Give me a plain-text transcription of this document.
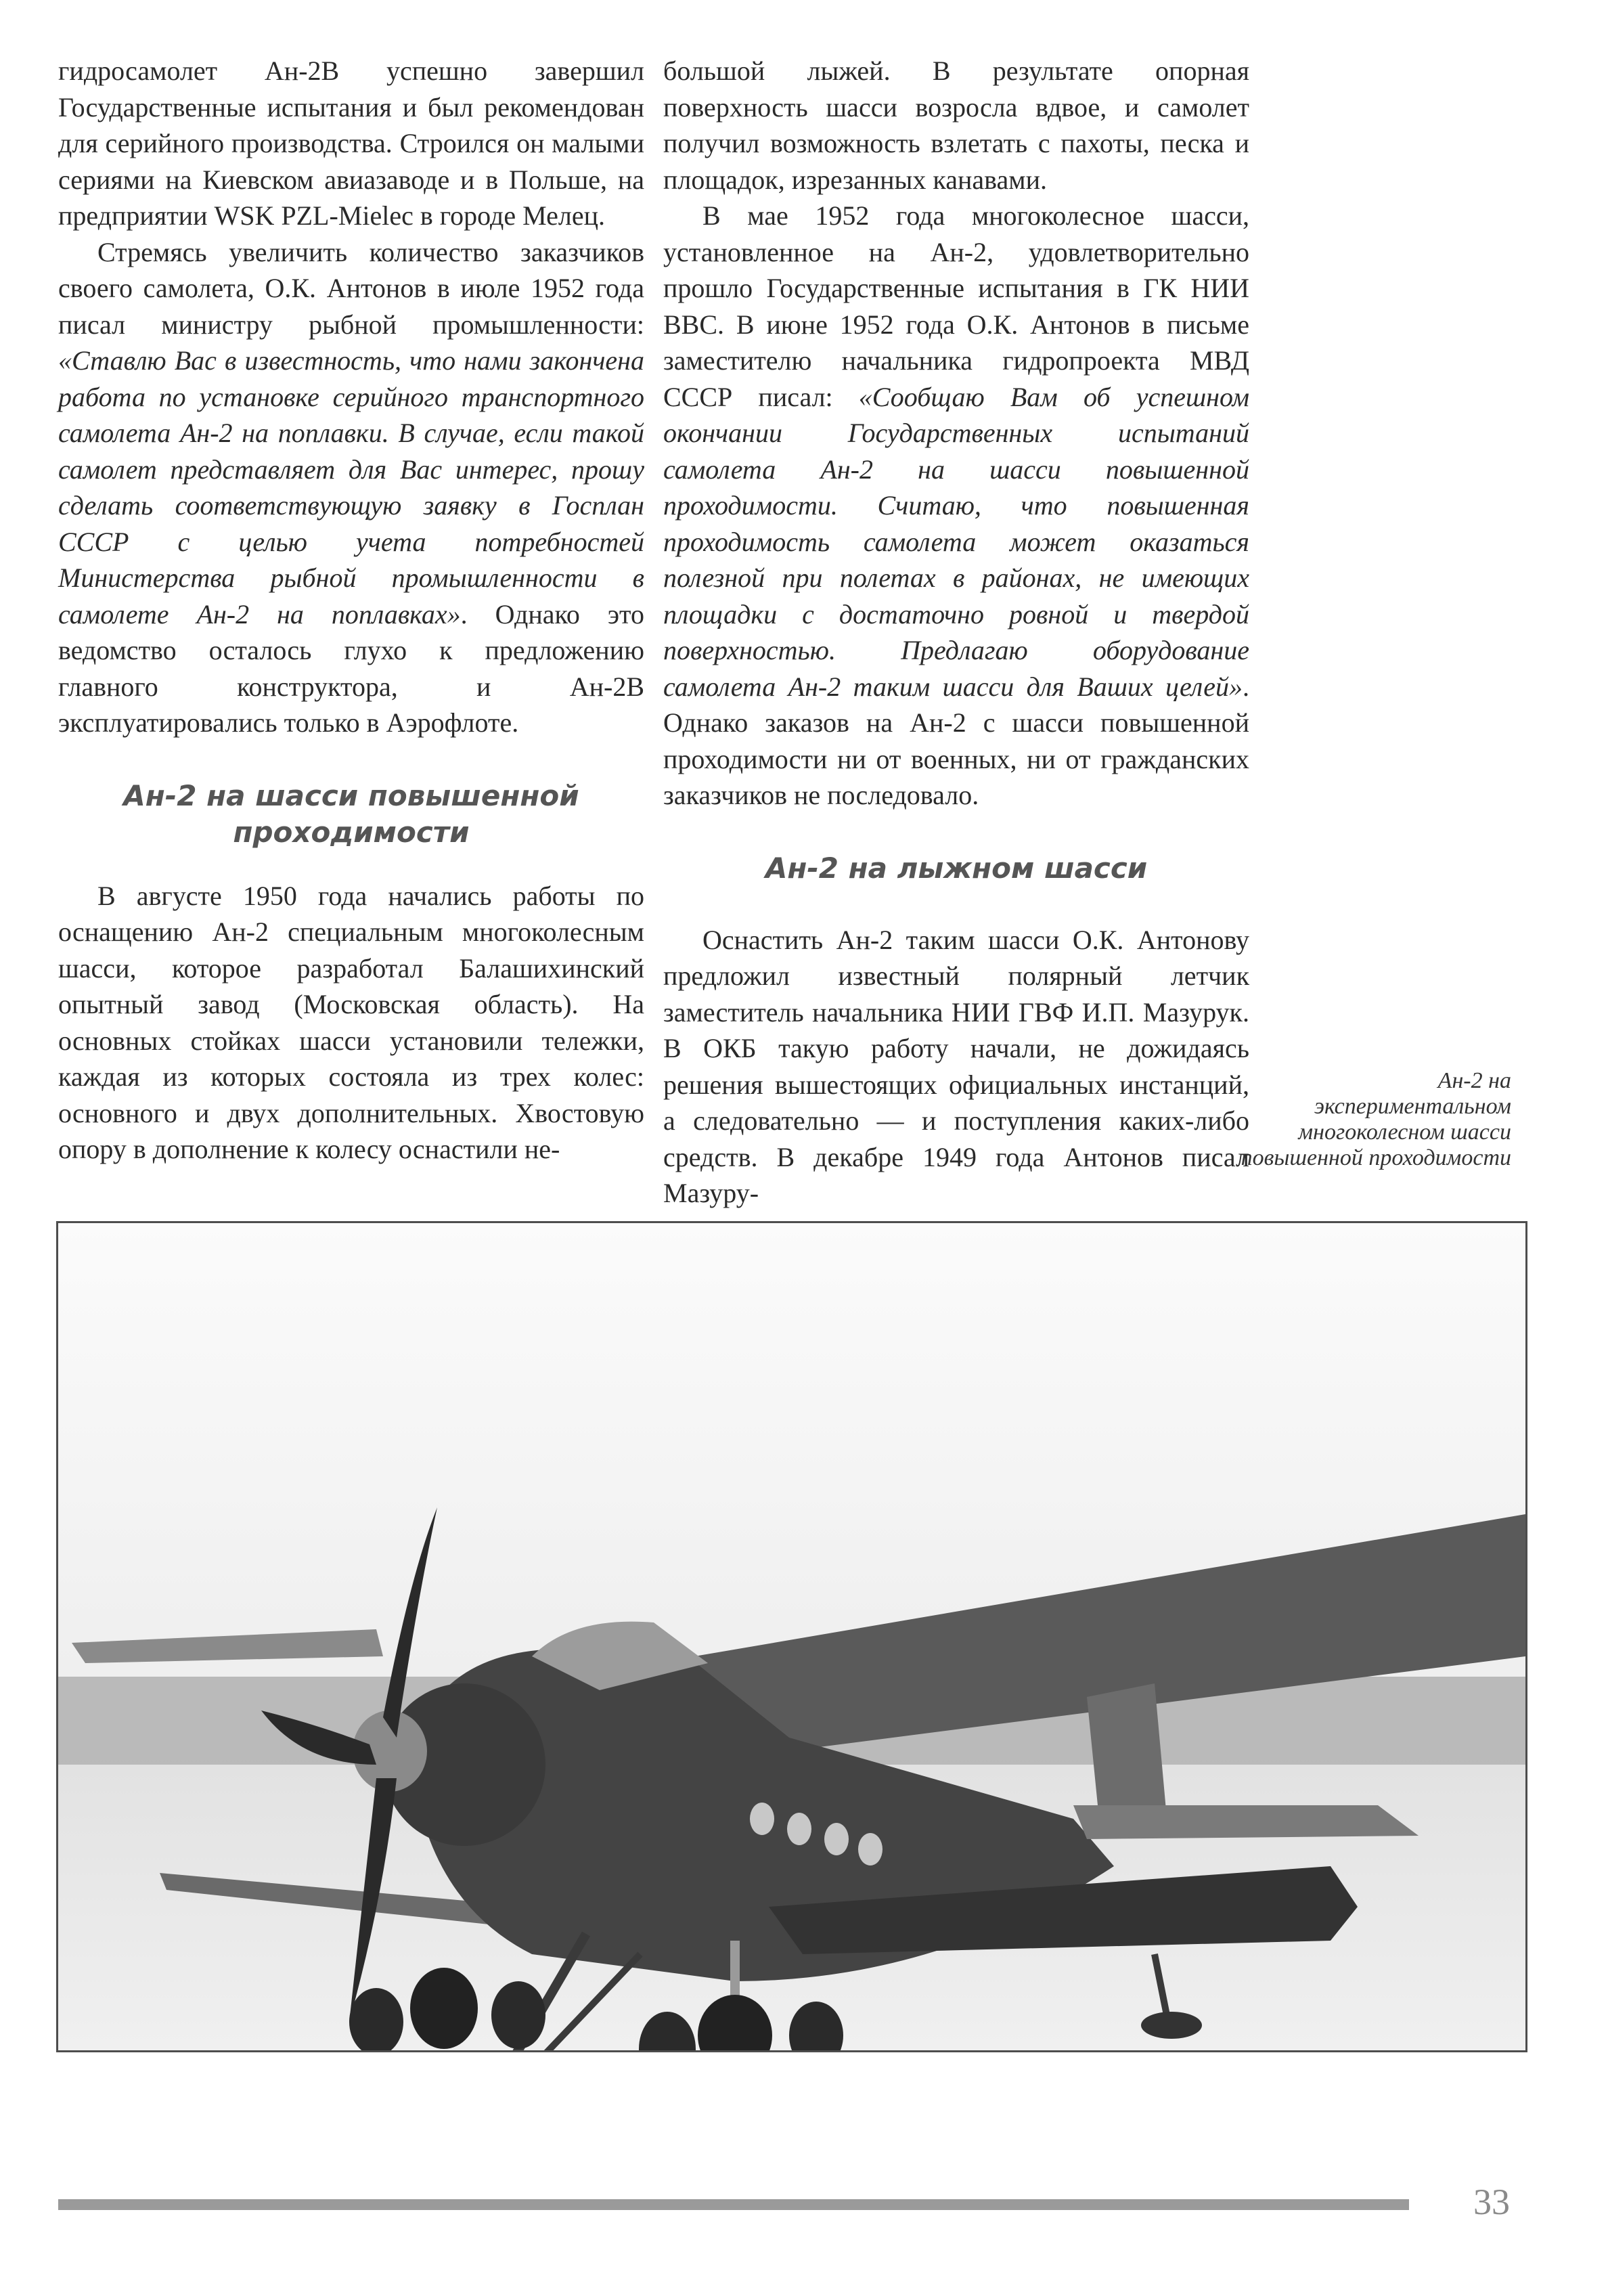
гидросамолет Ан-2В успешно завершил Государственные испытания и был рекомендован для серийного производства. Строился он малыми сериями на Киевском авиазаводе и в Польше, на предприятии WSK PZL-Mielec в городе Мелец.

Стремясь увеличить количество заказчиков своего самолета, О.К. Антонов в июле 1952 года писал министру рыбной промышленности: «Ставлю Вас в известность, что нами закончена работа по установке серийного транспортного самолета Ан-2 на поплавки. В случае, если такой самолет представляет для Вас интерес, прошу сделать соответствующую заявку в Госплан СССР с целью учета потребностей Министерства рыбной промышленности в самолете Ан-2 на поплавках». Однако это ведомство осталось глухо к предложению главного конструктора, и Ан-2В эксплуатировались только в Аэрофлоте.

Ан-2 на шасси повышенной проходимости

В августе 1950 года начались работы по оснащению Ан-2 специальным многоколесным шасси, которое разработал Балашихинский опытный завод (Московская область). На основных стойках шасси установили тележки, каждая из которых состояла из трех колес: основного и двух дополнительных. Хвостовую опору в дополнение к колесу оснастили не-

большой лыжей. В результате опорная поверхность шасси возросла вдвое, и самолет получил возможность взлетать с пахоты, песка и площадок, изрезанных канавами.

В мае 1952 года многоколесное шасси, установленное на Ан-2, удовлетворительно прошло Государственные испытания в ГК НИИ ВВС. В июне 1952 года О.К. Антонов в письме заместителю начальника гидропроекта МВД СССР писал: «Сообщаю Вам об успешном окончании Государственных испытаний самолета Ан-2 на шасси повышенной проходимости. Считаю, что повышенная проходимость самолета может оказаться полезной при полетах в районах, не имеющих площадки с достаточно ровной и твердой поверхностью. Предлагаю оборудование самолета Ан-2 таким шасси для Ваших целей». Однако заказов на Ан-2 с шасси повышенной проходимости ни от военных, ни от гражданских заказчиков не последовало.

Ан-2 на лыжном шасси

Оснастить Ан-2 таким шасси О.К. Антонову предложил известный полярный летчик заместитель начальника НИИ ГВФ И.П. Мазурук. В ОКБ такую работу начали, не дожидаясь решения вышестоящих официальных инстанций, а следовательно — и поступления каких-либо средств. В декабре 1949 года Антонов писал Мазуру-

Ан-2 на экспериментальном многоколесном шасси повышенной проходимости
33
